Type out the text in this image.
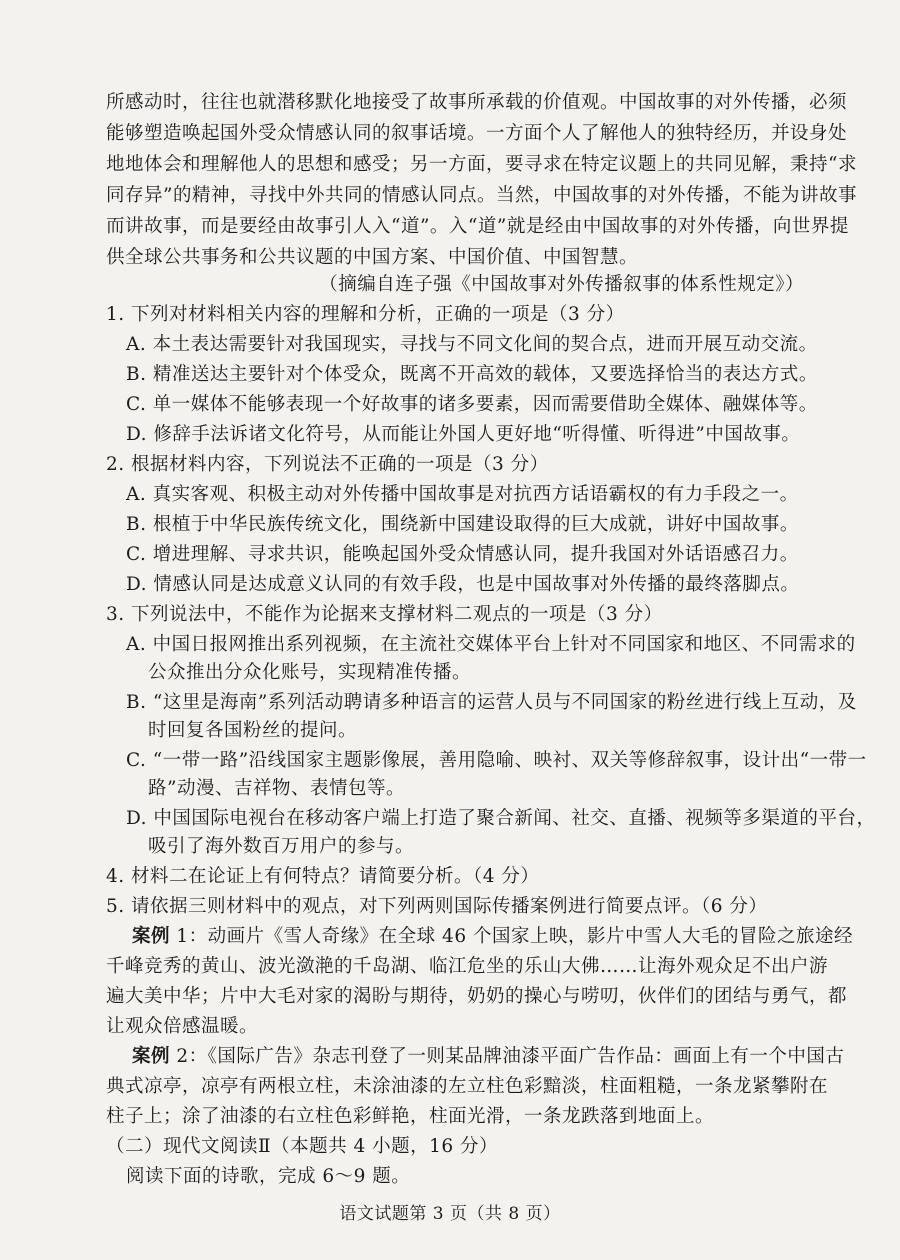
所感动时，往往也就潜移默化地接受了故事所承载的价值观。中国故事的对外传播，必须
能够塑造唤起国外受众情感认同的叙事话境。一方面个人了解他人的独特经历，并设身处
地地体会和理解他人的思想和感受；另一方面，要寻求在特定议题上的共同见解，秉持“求
同存异”的精神，寻找中外共同的情感认同点。当然，中国故事的对外传播，不能为讲故事
而讲故事，而是要经由故事引人入“道”。入“道”就是经由中国故事的对外传播，向世界提
供全球公共事务和公共议题的中国方案、中国价值、中国智慧。
（摘编自连子强《中国故事对外传播叙事的体系性规定》）
1. 下列对材料相关内容的理解和分析，正确的一项是（3 分）
A. 本土表达需要针对我国现实，寻找与不同文化间的契合点，进而开展互动交流。
B. 精准送达主要针对个体受众，既离不开高效的载体，又要选择恰当的表达方式。
C. 单一媒体不能够表现一个好故事的诸多要素，因而需要借助全媒体、融媒体等。
D. 修辞手法诉诸文化符号，从而能让外国人更好地“听得懂、听得进”中国故事。
2. 根据材料内容，下列说法不正确的一项是（3 分）
A. 真实客观、积极主动对外传播中国故事是对抗西方话语霸权的有力手段之一。
B. 根植于中华民族传统文化，围绕新中国建设取得的巨大成就，讲好中国故事。
C. 增进理解、寻求共识，能唤起国外受众情感认同，提升我国对外话语感召力。
D. 情感认同是达成意义认同的有效手段，也是中国故事对外传播的最终落脚点。
3. 下列说法中，不能作为论据来支撑材料二观点的一项是（3 分）
A. 中国日报网推出系列视频，在主流社交媒体平台上针对不同国家和地区、不同需求的
公众推出分众化账号，实现精准传播。
B. “这里是海南”系列活动聘请多种语言的运营人员与不同国家的粉丝进行线上互动，及
时回复各国粉丝的提问。
C. “一带一路”沿线国家主题影像展，善用隐喻、映衬、双关等修辞叙事，设计出“一带一
路”动漫、吉祥物、表情包等。
D. 中国国际电视台在移动客户端上打造了聚合新闻、社交、直播、视频等多渠道的平台，
吸引了海外数百万用户的参与。
4. 材料二在论证上有何特点？请简要分析。（4 分）
5. 请依据三则材料中的观点，对下列两则国际传播案例进行简要点评。（6 分）
案例 1：动画片《雪人奇缘》在全球 46 个国家上映，影片中雪人大毛的冒险之旅途经
千峰竞秀的黄山、波光潋滟的千岛湖、临江危坐的乐山大佛……让海外观众足不出户游
遍大美中华；片中大毛对家的渴盼与期待，奶奶的操心与唠叨，伙伴们的团结与勇气，都
让观众倍感温暖。
案例 2：《国际广告》杂志刊登了一则某品牌油漆平面广告作品：画面上有一个中国古
典式凉亭，凉亭有两根立柱，未涂油漆的左立柱色彩黯淡，柱面粗糙，一条龙紧攀附在
柱子上；涂了油漆的右立柱色彩鲜艳，柱面光滑，一条龙跌落到地面上。
（二）现代文阅读Ⅱ（本题共 4 小题，16 分）
阅读下面的诗歌，完成 6～9 题。
语文试题第 3 页（共 8 页）
